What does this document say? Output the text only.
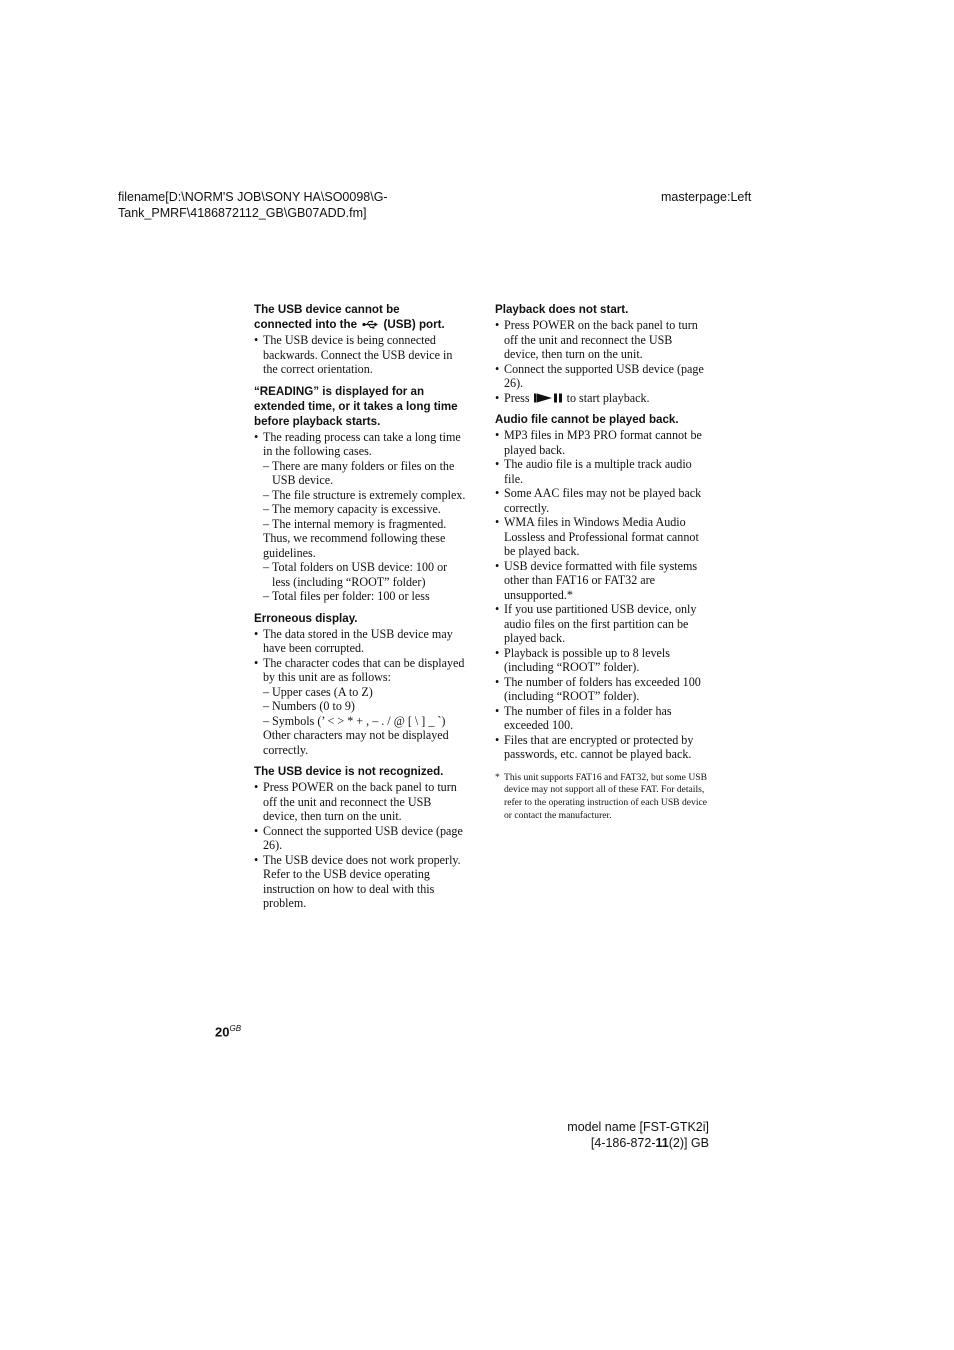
filename[D:\NORM'S JOB\SONY HA\SO0098\G-
Tank_PMRF\4186872112_GB\GB07ADD.fm]
masterpage:Left
The USB device cannot be
connected into the (USB) port.
• The USB device is being connected backwards. Connect the USB device in the correct orientation.
“READING” is displayed for an extended time, or it takes a long time before playback starts.
• The reading process can take a long time in the following cases.
– There are many folders or files on the USB device.
– The file structure is extremely complex.
– The memory capacity is excessive.
– The internal memory is fragmented.
Thus, we recommend following these guidelines.
– Total folders on USB device: 100 or less (including “ROOT” folder)
– Total files per folder: 100 or less
Erroneous display.
• The data stored in the USB device may have been corrupted.
• The character codes that can be displayed by this unit are as follows:
– Upper cases (A to Z)
– Numbers (0 to 9)
– Symbols (’ < > * + , – . / @ [ \ ] _ `)
Other characters may not be displayed correctly.
The USB device is not recognized.
• Press POWER on the back panel to turn off the unit and reconnect the USB device, then turn on the unit.
• Connect the supported USB device (page 26).
• The USB device does not work properly. Refer to the USB device operating instruction on how to deal with this problem.
Playback does not start.
• Press POWER on the back panel to turn off the unit and reconnect the USB device, then turn on the unit.
• Connect the supported USB device (page 26).
• Press	to start playback.
Audio file cannot be played back.
• MP3 files in MP3 PRO format cannot be played back.
• The audio file is a multiple track audio file.
• Some AAC files may not be played back correctly.
• WMA files in Windows Media Audio Lossless and Professional format cannot be played back.
• USB device formatted with file systems other than FAT16 or FAT32 are unsupported.*
• If you use partitioned USB device, only audio files on the first partition can be played back.
• Playback is possible up to 8 levels (including “ROOT” folder).
• The number of folders has exceeded 100 (including “ROOT” folder).
• The number of files in a folder has exceeded 100.
• Files that are encrypted or protected by passwords, etc. cannot be played back.
* This unit supports FAT16 and FAT32, but some USB device may not support all of these FAT. For details, refer to the operating instruction of each USB device or contact the manufacturer.
$20^{GB}$
model name [FST-GTK2i]
[4-186-872-11(2)] GB
